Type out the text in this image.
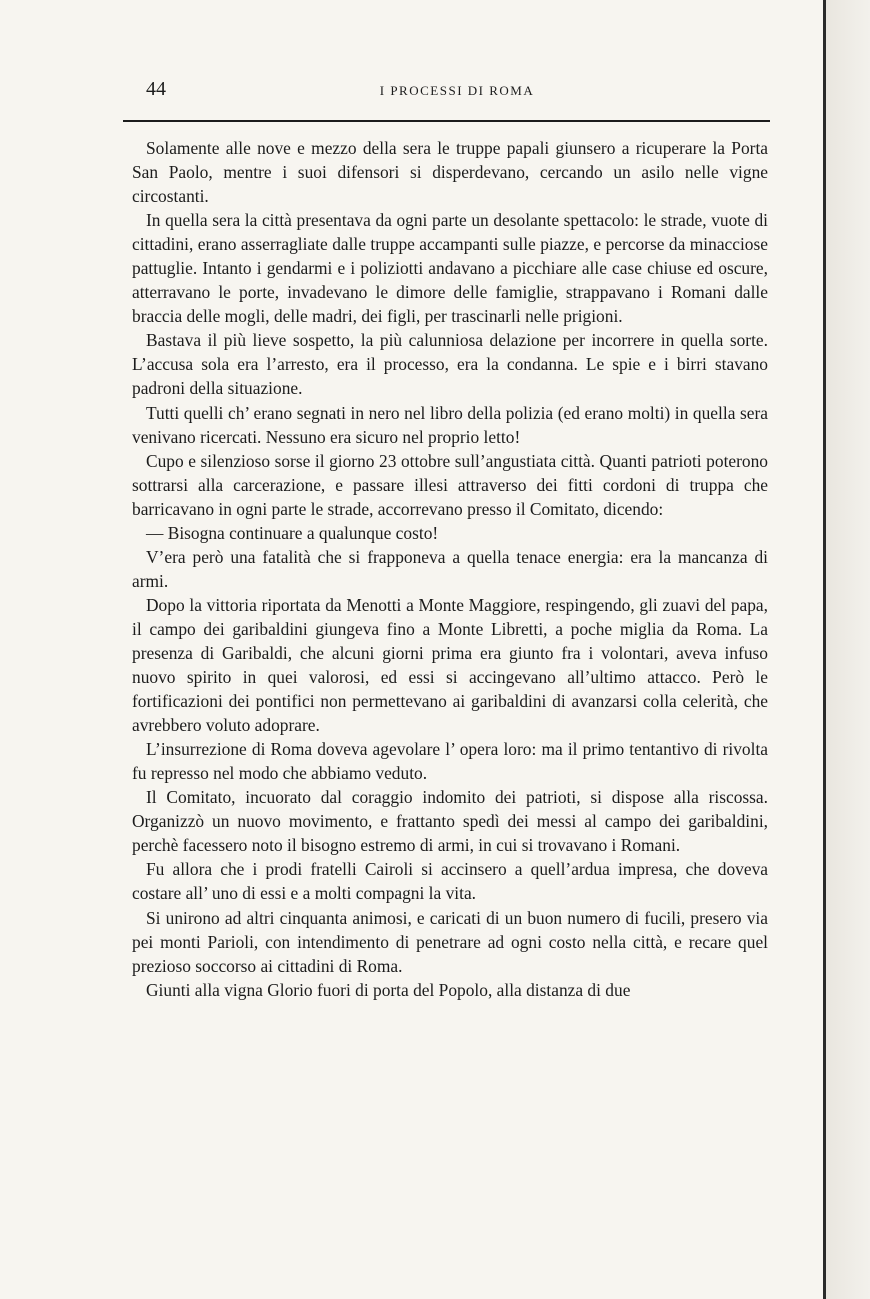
44	I PROCESSI DI ROMA

Solamente alle nove e mezzo della sera le truppe papali giunsero a ricuperare la Porta San Paolo, mentre i suoi difensori si disperdevano, cercando un asilo nelle vigne circostanti.

In quella sera la città presentava da ogni parte un desolante spettacolo: le strade, vuote di cittadini, erano asserragliate dalle truppe accampanti sulle piazze, e percorse da minacciose pattuglie. Intanto i gendarmi e i poliziotti andavano a picchiare alle case chiuse ed oscure, atterravano le porte, invadevano le dimore delle famiglie, strappavano i Romani dalle braccia delle mogli, delle madri, dei figli, per trascinarli nelle prigioni.

Bastava il più lieve sospetto, la più calunniosa delazione per incorrere in quella sorte. L’accusa sola era l’arresto, era il processo, era la condanna. Le spie e i birri stavano padroni della situazione.

Tutti quelli ch’ erano segnati in nero nel libro della polizia (ed erano molti) in quella sera venivano ricercati. Nessuno era sicuro nel proprio letto!

Cupo e silenzioso sorse il giorno 23 ottobre sull’angustiata città. Quanti patrioti poterono sottrarsi alla carcerazione, e passare illesi attraverso dei fitti cordoni di truppa che barricavano in ogni parte le strade, accorrevano presso il Comitato, dicendo:

— Bisogna continuare a qualunque costo!

V’era però una fatalità che si frapponeva a quella tenace energia: era la mancanza di armi.

Dopo la vittoria riportata da Menotti a Monte Maggiore, respingendo, gli zuavi del papa, il campo dei garibaldini giungeva fino a Monte Libretti, a poche miglia da Roma. La presenza di Garibaldi, che alcuni giorni prima era giunto fra i volontari, aveva infuso nuovo spirito in quei valorosi, ed essi si accingevano all’ultimo attacco. Però le fortificazioni dei pontifici non permettevano ai garibaldini di avanzarsi colla celerità, che avrebbero voluto adoprare.

L’insurrezione di Roma doveva agevolare l’ opera loro: ma il primo tentantivo di rivolta fu represso nel modo che abbiamo veduto.

Il Comitato, incuorato dal coraggio indomito dei patrioti, si dispose alla riscossa. Organizzò un nuovo movimento, e frattanto spedì dei messi al campo dei garibaldini, perchè facessero noto il bisogno estremo di armi, in cui si trovavano i Romani.

Fu allora che i prodi fratelli Cairoli si accinsero a quell’ardua impresa, che doveva costare all’ uno di essi e a molti compagni la vita.

Si unirono ad altri cinquanta animosi, e caricati di un buon numero di fucili, presero via pei monti Parioli, con intendimento di penetrare ad ogni costo nella città, e recare quel prezioso soccorso ai cittadini di Roma.

Giunti alla vigna Glorio fuori di porta del Popolo, alla distanza di due
